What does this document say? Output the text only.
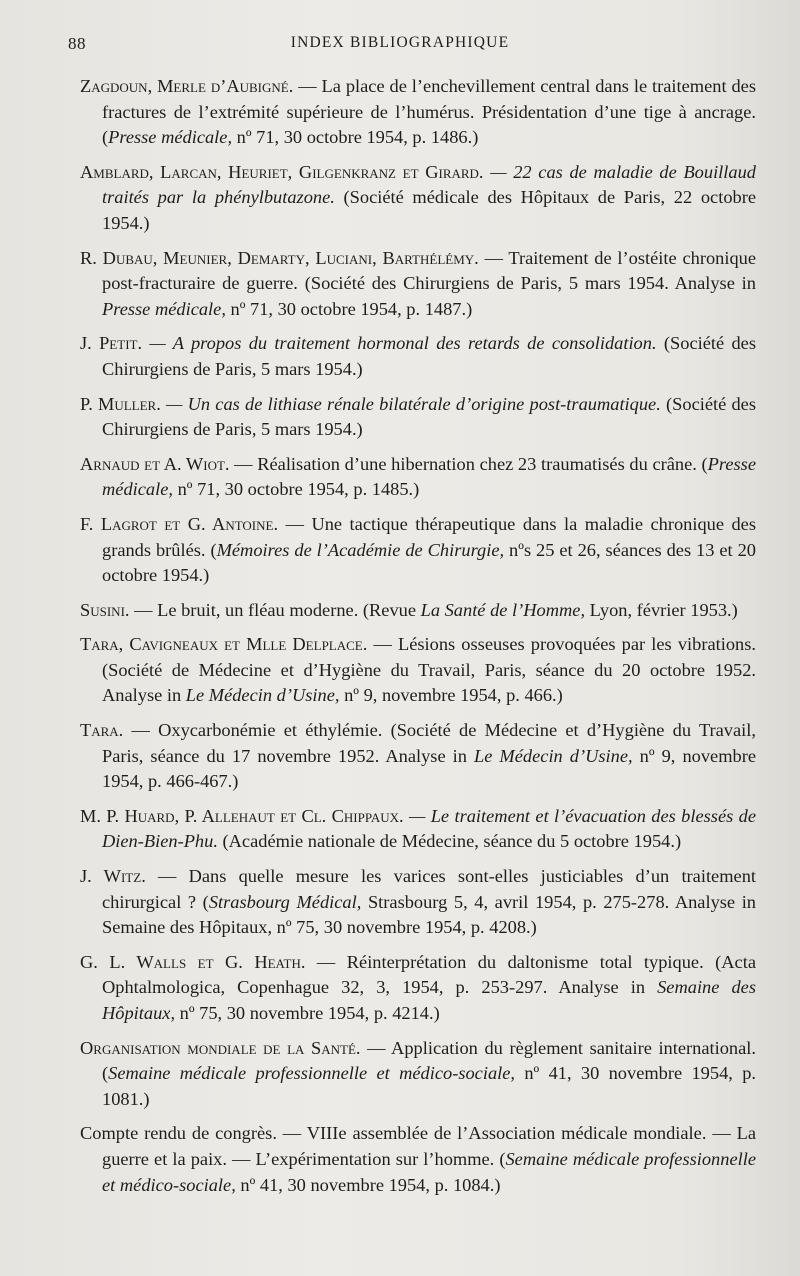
88	INDEX BIBLIOGRAPHIQUE

Zagdoun, Merle d’Aubigné. — La place de l’enchevillement central dans le traitement des fractures de l’extrémité supérieure de l’humérus. Présidentation d’une tige à ancrage. (Presse médicale, nº 71, 30 octobre 1954, p. 1486.)

Amblard, Larcan, Heuriet, Gilgenkranz et Girard. — 22 cas de maladie de Bouillaud traités par la phénylbutazone. (Société médicale des Hôpitaux de Paris, 22 octobre 1954.)

R. Dubau, Meunier, Demarty, Luciani, Barthélémy. — Traitement de l’ostéite chronique post-fracturaire de guerre. (Société des Chirurgiens de Paris, 5 mars 1954. Analyse in Presse médicale, nº 71, 30 octobre 1954, p. 1487.)

J. Petit. — A propos du traitement hormonal des retards de consolidation. (Société des Chirurgiens de Paris, 5 mars 1954.)

P. Muller. — Un cas de lithiase rénale bilatérale d’origine post-traumatique. (Société des Chirurgiens de Paris, 5 mars 1954.)

Arnaud et A. Wiot. — Réalisation d’une hibernation chez 23 traumatisés du crâne. (Presse médicale, nº 71, 30 octobre 1954, p. 1485.)

F. Lagrot et G. Antoine. — Une tactique thérapeutique dans la maladie chronique des grands brûlés. (Mémoires de l’Académie de Chirurgie, nºs 25 et 26, séances des 13 et 20 octobre 1954.)

Susini. — Le bruit, un fléau moderne. (Revue La Santé de l’Homme, Lyon, février 1953.)

Tara, Cavigneaux et Mlle Delplace. — Lésions osseuses provoquées par les vibrations. (Société de Médecine et d’Hygiène du Travail, Paris, séance du 20 octobre 1952. Analyse in Le Médecin d’Usine, nº 9, novembre 1954, p. 466.)

Tara. — Oxycarbonémie et éthylémie. (Société de Médecine et d’Hygiène du Travail, Paris, séance du 17 novembre 1952. Analyse in Le Médecin d’Usine, nº 9, novembre 1954, p. 466-467.)

M. P. Huard, P. Allehaut et Cl. Chippaux. — Le traitement et l’évacuation des blessés de Dien-Bien-Phu. (Académie nationale de Médecine, séance du 5 octobre 1954.)

J. Witz. — Dans quelle mesure les varices sont-elles justiciables d’un traitement chirurgical ? (Strasbourg Médical, Strasbourg 5, 4, avril 1954, p. 275-278. Analyse in Semaine des Hôpitaux, nº 75, 30 novembre 1954, p. 4208.)

G. L. Walls et G. Heath. — Réinterprétation du daltonisme total typique. (Acta Ophtalmologica, Copenhague 32, 3, 1954, p. 253-297. Analyse in Semaine des Hôpitaux, nº 75, 30 novembre 1954, p. 4214.)

Organisation mondiale de la Santé. — Application du règlement sanitaire international. (Semaine médicale professionnelle et médico-sociale, nº 41, 30 novembre 1954, p. 1081.)

Compte rendu de congrès. — VIIIe assemblée de l’Association médicale mondiale. — La guerre et la paix. — L’expérimentation sur l’homme. (Semaine médicale professionnelle et médico-sociale, nº 41, 30 novembre 1954, p. 1084.)
